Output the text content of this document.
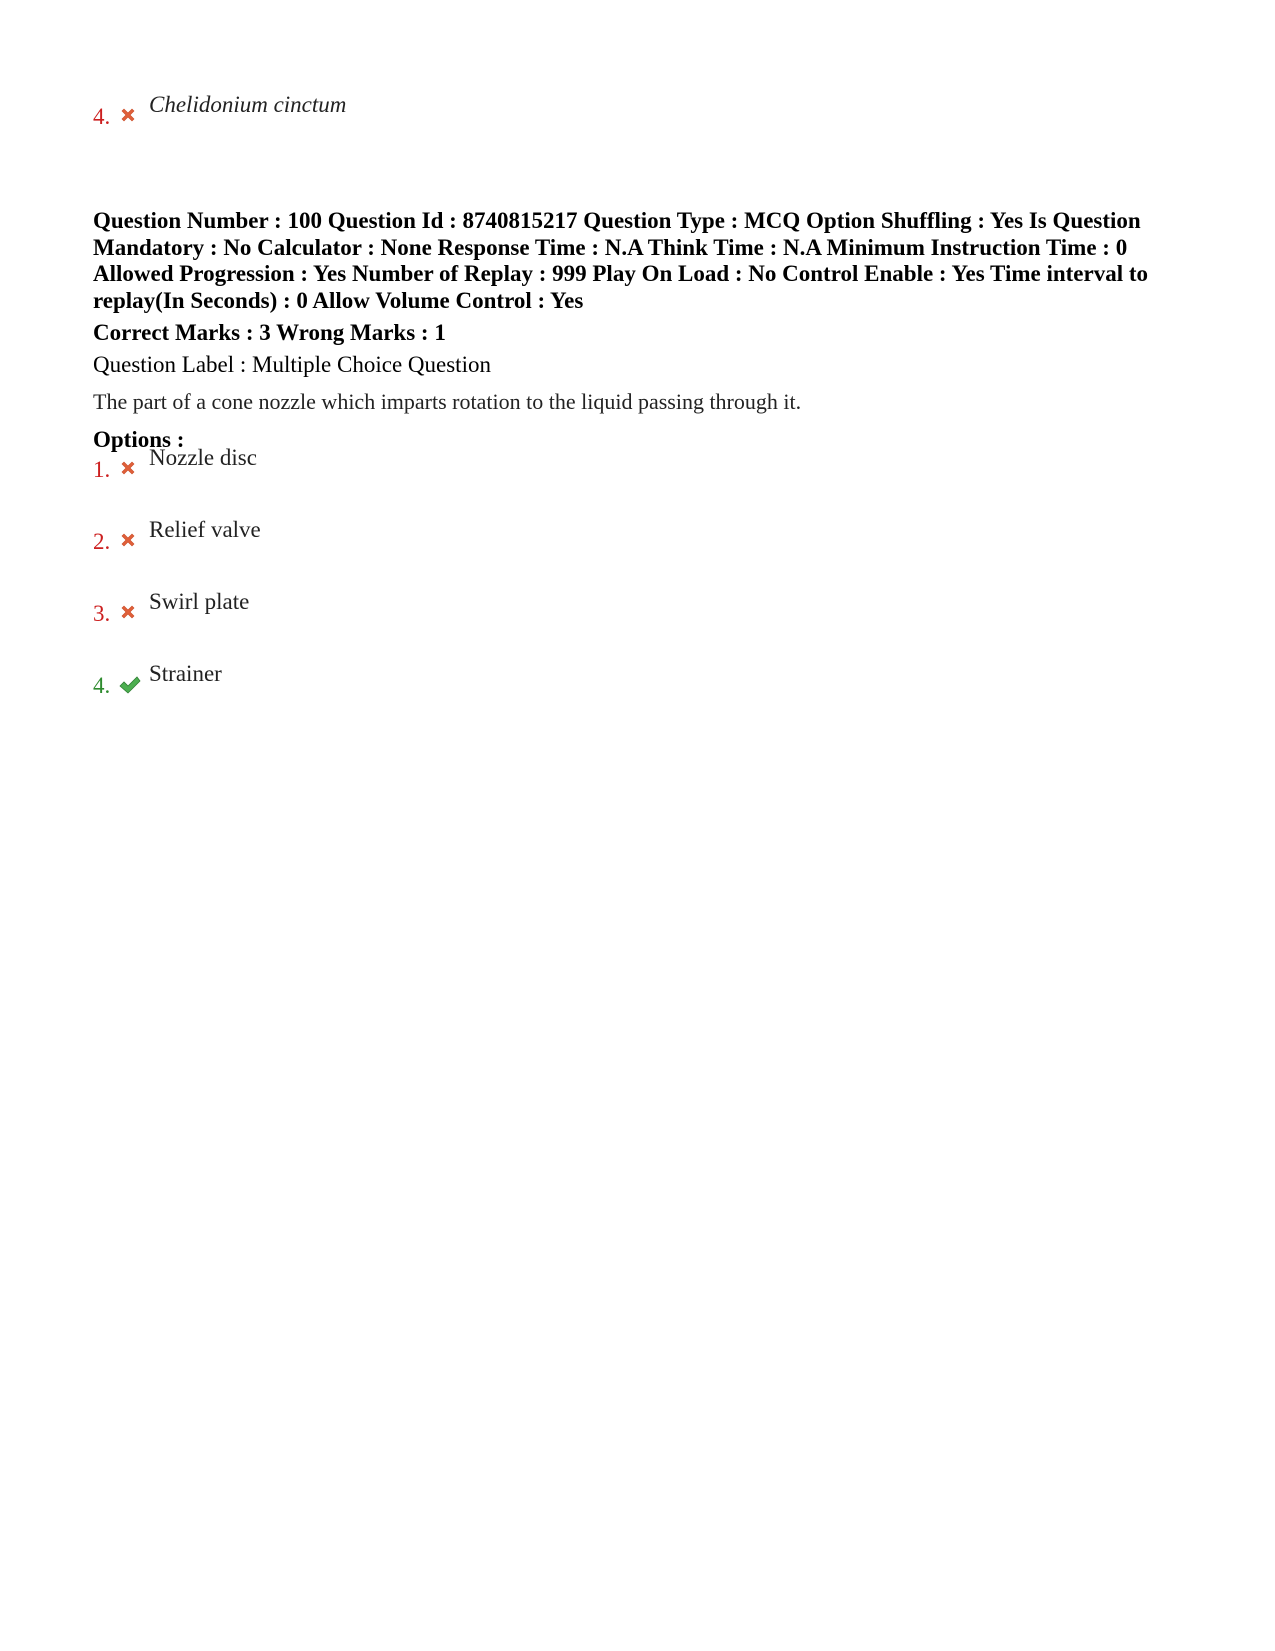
4. Chelidonium cinctum
Question Number : 100 Question Id : 8740815217 Question Type : MCQ Option Shuffling : Yes Is Question Mandatory : No Calculator : None Response Time : N.A Think Time : N.A Minimum Instruction Time : 0 Allowed Progression : Yes Number of Replay : 999 Play On Load : No Control Enable : Yes Time interval to replay(In Seconds) : 0 Allow Volume Control : Yes
Correct Marks : 3 Wrong Marks : 1
Question Label : Multiple Choice Question
The part of a cone nozzle which imparts rotation to the liquid passing through it.
Options :
1. Nozzle disc
2. Relief valve
3. Swirl plate
4. Strainer
